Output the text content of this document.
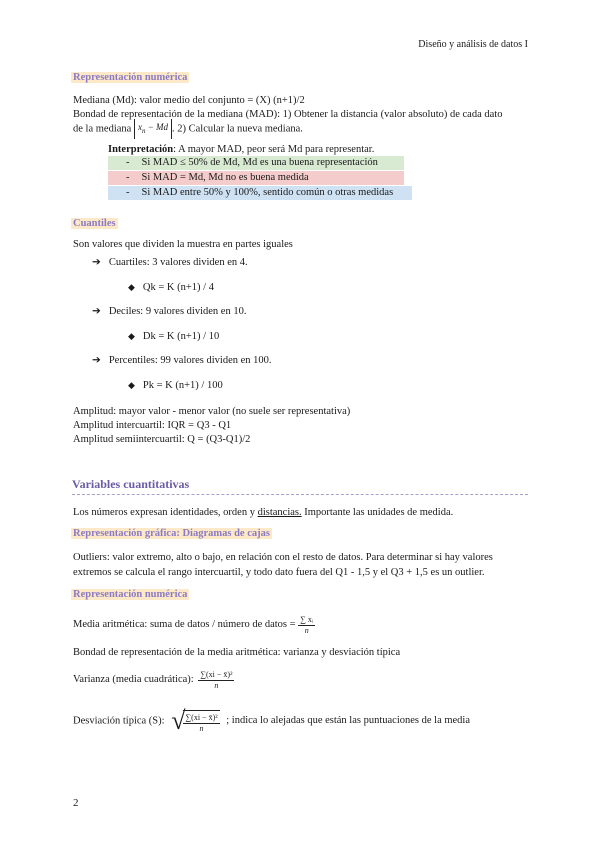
Diseño y análisis de datos I
Representación numérica
Mediana (Md): valor medio del conjunto = (X) (n+1)/2
Bondad de representación de la mediana (MAD): 1) Obtener la distancia (valor absoluto) de cada dato
de la mediana $x_n - Md$ . 2) Calcular la nueva mediana.
Interpretación: A mayor MAD, peor será Md para representar.
- Si MAD ≤ 50% de Md, Md es una buena representación
- Si MAD = Md, Md no es buena medida
- Si MAD entre 50% y 100%, sentido común o otras medidas
Cuantiles
Son valores que dividen la muestra en partes iguales
➔ Cuartiles: 3 valores dividen en 4.
◆ Qk = K (n+1) / 4
➔ Deciles: 9 valores dividen en 10.
◆ Dk = K (n+1) / 10
➔ Percentiles: 99 valores dividen en 100.
◆ Pk = K (n+1) / 100
Amplitud: mayor valor - menor valor (no suele ser representativa)
Amplitud intercuartil: IQR = Q3 - Q1
Amplitud semiintercuartil: Q = (Q3-Q1)/2
Variables cuantitativas
Los números expresan identidades, orden y distancias. Importante las unidades de medida.
Representación gráfica: Diagramas de cajas
Outliers: valor extremo, alto o bajo, en relación con el resto de datos. Para determinar si hay valores
extremos se calcula el rango intercuartil, y todo dato fuera del Q1 - 1,5 y el Q3 + 1,5 es un outlier.
Representación numérica
Media aritmética: suma de datos / número de datos = $\frac{\text{∑ xᵢ}}{n}$
Bondad de representación de la media aritmética: varianza y desviación típica
Varianza (media cuadrática): $\frac{\text{∑(xi − x̄)²}}{n}$
Desviación típica (S): √
$\frac{\text{∑(xi − x̄)²}}{n}$ ; indica lo alejadas que están las puntuaciones de la media
2
